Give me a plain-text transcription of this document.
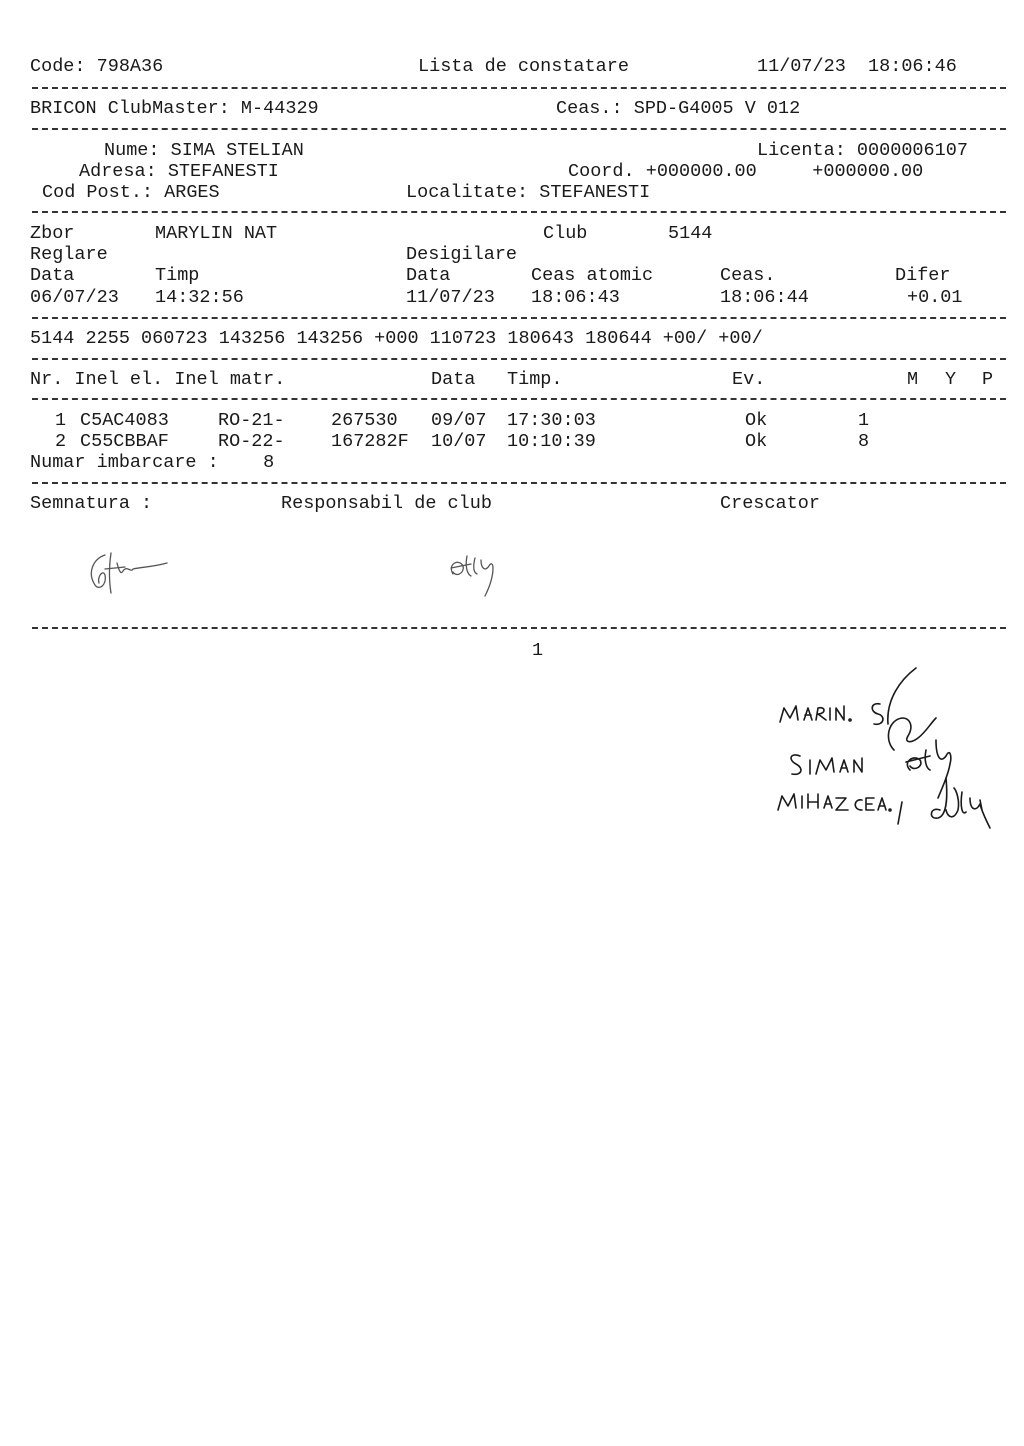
Code: 798A36	Lista de constatare	11/07/23  18:06:46
BRICON ClubMaster: M-44329	Ceas.: SPD-G4005 V 012
Nume: SIMA STELIAN	Licenta: 0000006107
Adresa: STEFANESTI	Coord. +000000.00     +000000.00
Cod Post.: ARGES	Localitate: STEFANESTI
Zbor	MARYLIN NAT	Club	5144
Reglare	Desigilare
Data	Timp	Data	Ceas atomic	Ceas.	Difer
06/07/23 14:32:56	11/07/23 18:06:43	18:06:44	+0.01
5144 2255 060723 143256 143256 +000 110723 180643 180644 +00/ +00/
Nr. Inel el. Inel matr.	Data Timp.	Ev.	M Y P
1 C5AC4083	RO-21-	267530 09/07 17:30:03	Ok	1
2 C55CBBAF	RO-22-	167282F 10/07 10:10:39	Ok	8
Numar imbarcare :    8
Semnatura :	Responsabil de club	Crescator
1
